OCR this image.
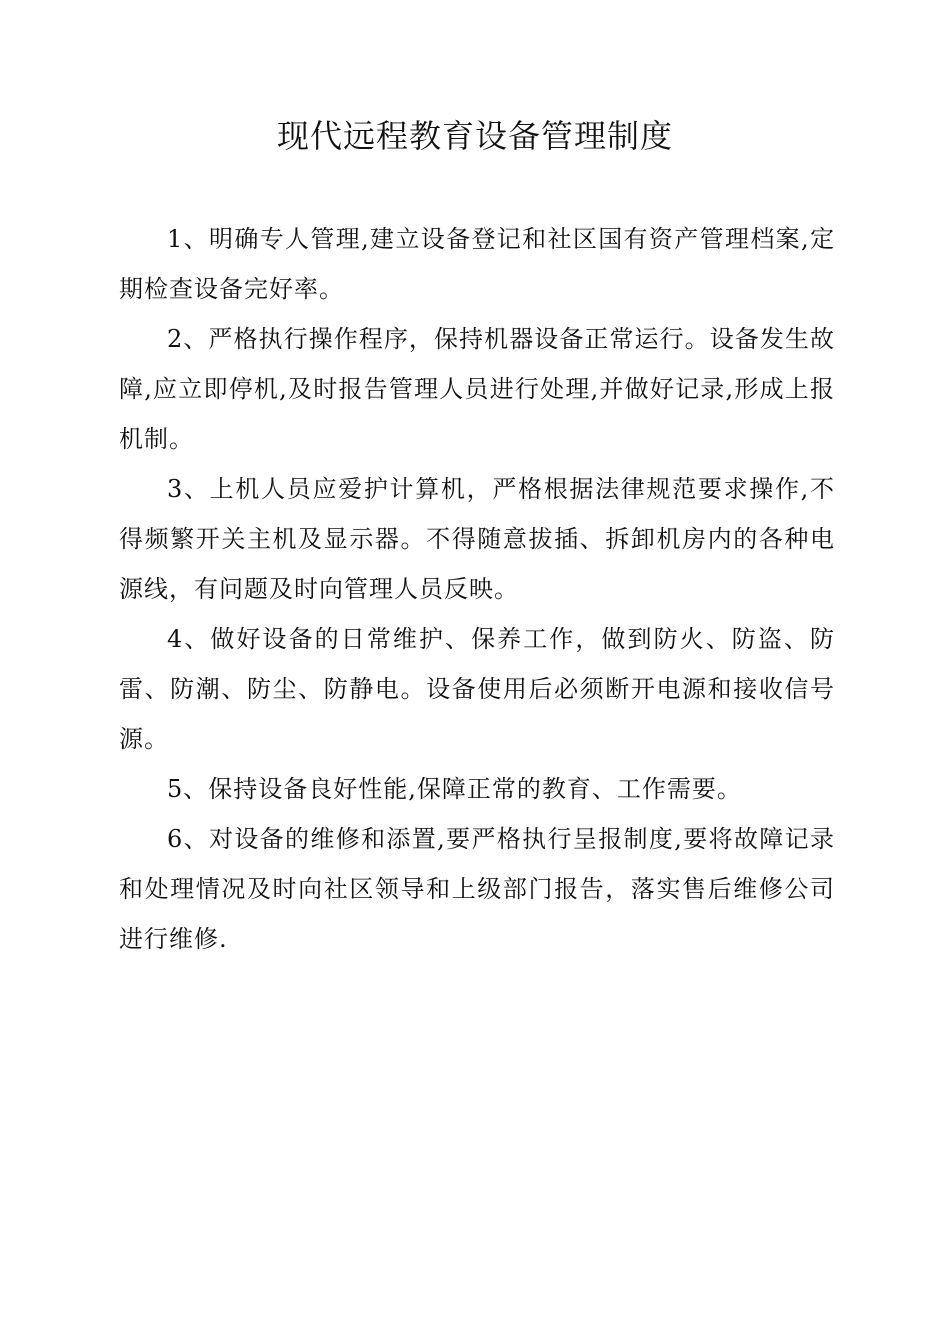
现代远程教育设备管理制度

1、明确专人管理,建立设备登记和社区国有资产管理档案,定期检查设备完好率。

2、严格执行操作程序，保持机器设备正常运行。设备发生故障,应立即停机,及时报告管理人员进行处理,并做好记录,形成上报机制。

3、上机人员应爱护计算机，严格根据法律规范要求操作,不得频繁开关主机及显示器。不得随意拔插、拆卸机房内的各种电源线，有问题及时向管理人员反映。

4、做好设备的日常维护、保养工作，做到防火、防盗、防雷、防潮、防尘、防静电。设备使用后必须断开电源和接收信号源。

5、保持设备良好性能,保障正常的教育、工作需要。

6、对设备的维修和添置,要严格执行呈报制度,要将故障记录和处理情况及时向社区领导和上级部门报告，落实售后维修公司进行维修.
